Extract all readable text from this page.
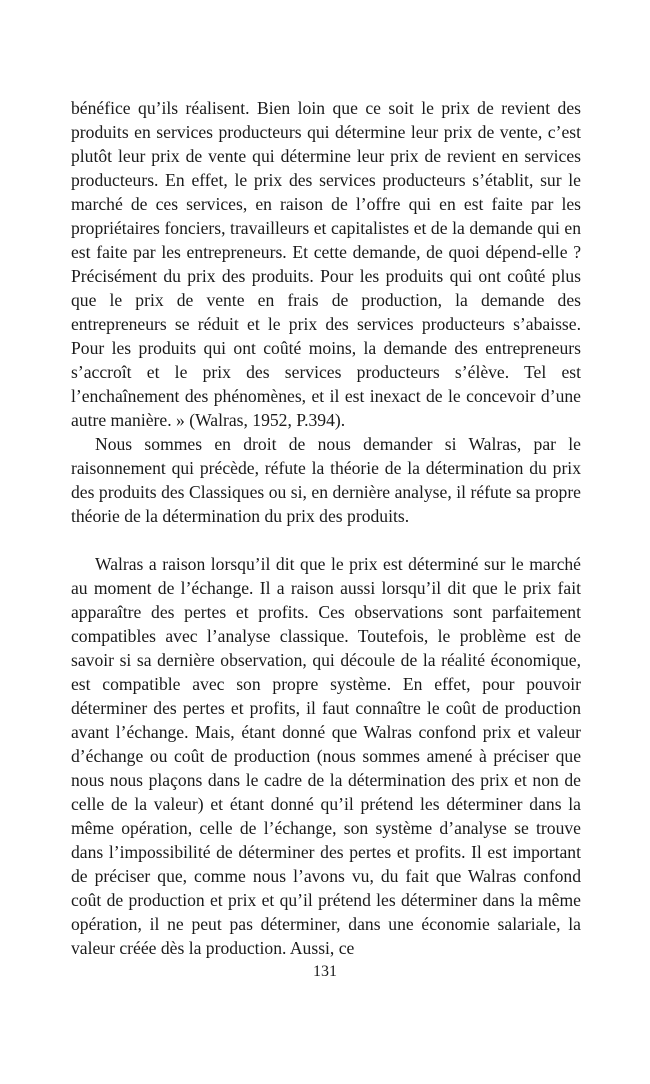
bénéfice qu’ils réalisent. Bien loin que ce soit le prix de revient des produits en services producteurs qui détermine leur prix de vente, c’est plutôt leur prix de vente qui détermine leur prix de revient en services producteurs. En effet, le prix des services producteurs s’établit, sur le marché de ces services, en raison de l’offre qui en est faite par les propriétaires fonciers, travailleurs et capitalistes et de la demande qui en est faite par les entrepreneurs. Et cette demande, de quoi dépend-elle ? Précisément du prix des produits. Pour les produits qui ont coûté plus que le prix de vente en frais de production, la demande des entrepreneurs se réduit et le prix des services producteurs s’abaisse. Pour les produits qui ont coûté moins, la demande des entrepreneurs s’accroît et le prix des services producteurs s’élève. Tel est l’enchaînement des phénomènes, et il est inexact de le concevoir d’une autre manière. » (Walras, 1952, P.394).

Nous sommes en droit de nous demander si Walras, par le raisonnement qui précède, réfute la théorie de la détermination du prix des produits des Classiques ou si, en dernière analyse, il réfute sa propre théorie de la détermination du prix des produits.

Walras a raison lorsqu’il dit que le prix est déterminé sur le marché au moment de l’échange. Il a raison aussi lorsqu’il dit que le prix fait apparaître des pertes et profits. Ces observations sont parfaitement compatibles avec l’analyse classique. Toutefois, le problème est de savoir si sa dernière observation, qui découle de la réalité économique, est compatible avec son propre système. En effet, pour pouvoir déterminer des pertes et profits, il faut connaître le coût de production avant l’échange. Mais, étant donné que Walras confond prix et valeur d’échange ou coût de production (nous sommes amené à préciser que nous nous plaçons dans le cadre de la détermination des prix et non de celle de la valeur) et étant donné qu’il prétend les déterminer dans la même opération, celle de l’échange, son système d’analyse se trouve dans l’impossibilité de déterminer des pertes et profits. Il est important de préciser que, comme nous l’avons vu, du fait que Walras confond coût de production et prix et qu’il prétend les déterminer dans la même opération, il ne peut pas déterminer, dans une économie salariale, la valeur créée dès la production. Aussi, ce

131
